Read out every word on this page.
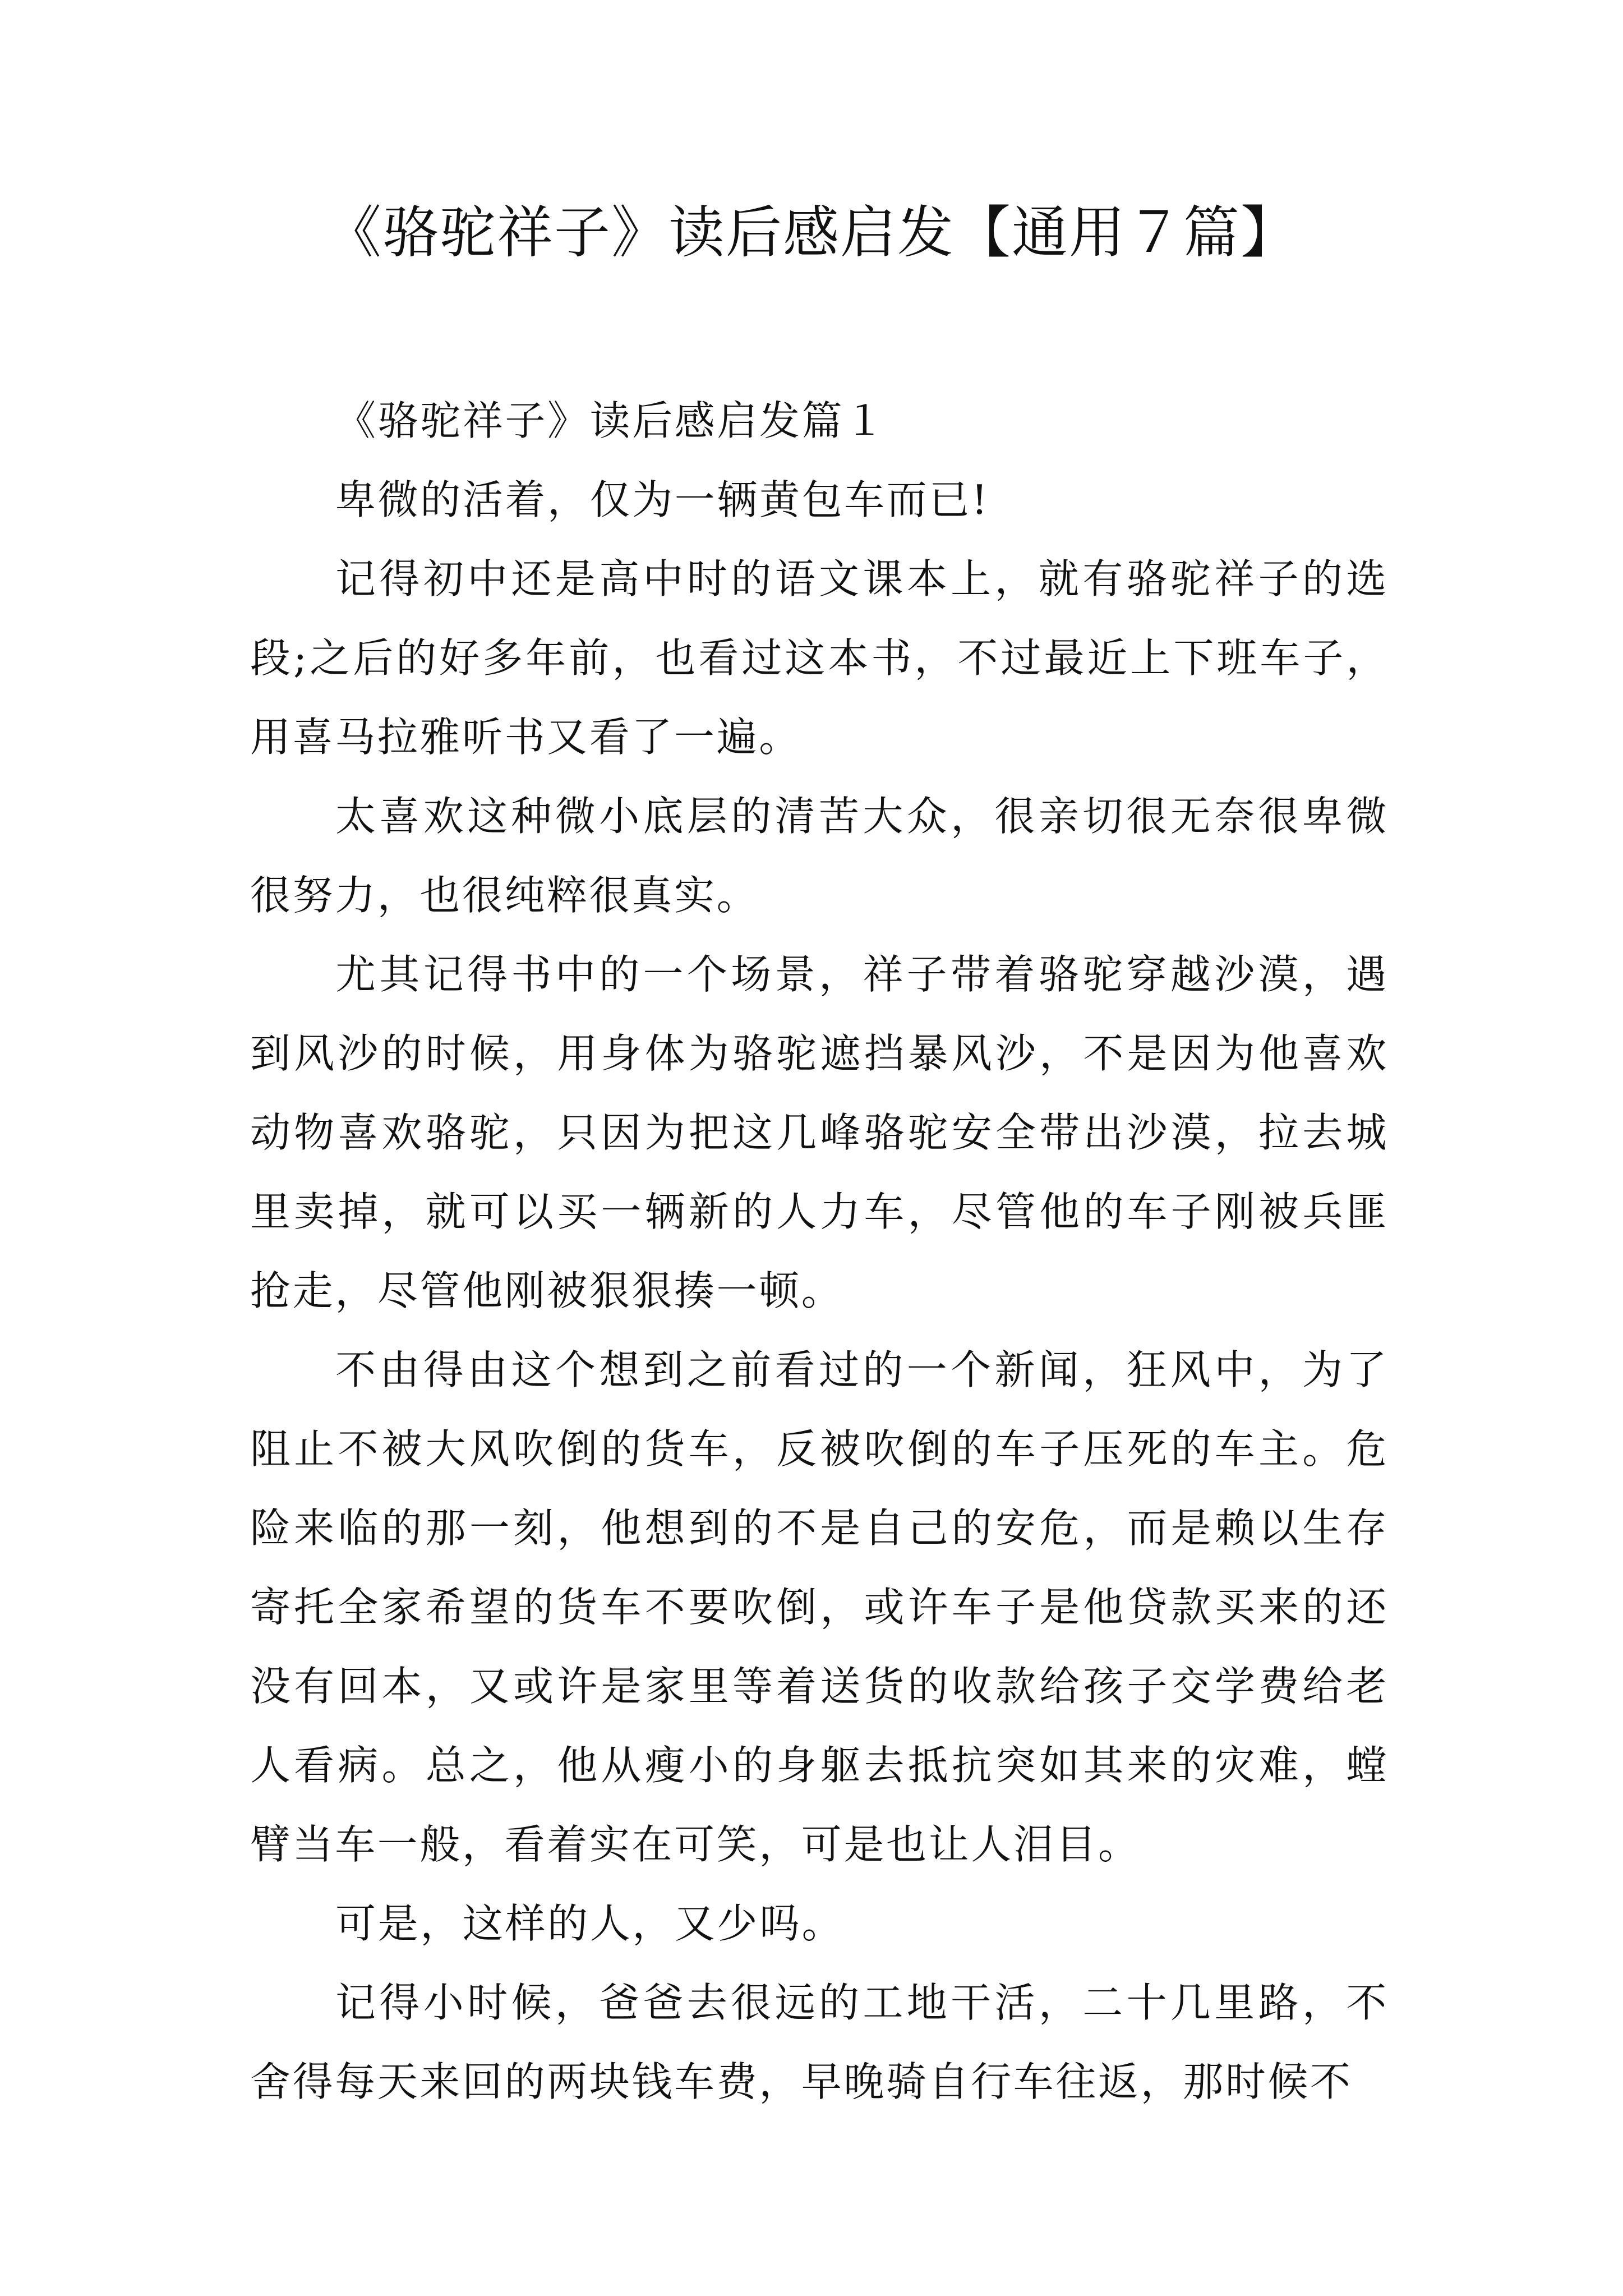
《骆驼祥子》读后感启发【通用７篇】

《骆驼祥子》读后感启发篇１

卑微的活着，仅为一辆黄包车而已!

记得初中还是高中时的语文课本上，就有骆驼祥子的选段;之后的好多年前，也看过这本书，不过最近上下班车子，用喜马拉雅听书又看了一遍。

太喜欢这种微小底层的清苦大众，很亲切很无奈很卑微很努力，也很纯粹很真实。

尤其记得书中的一个场景，祥子带着骆驼穿越沙漠，遇到风沙的时候，用身体为骆驼遮挡暴风沙，不是因为他喜欢动物喜欢骆驼，只因为把这几峰骆驼安全带出沙漠，拉去城里卖掉，就可以买一辆新的人力车，尽管他的车子刚被兵匪抢走，尽管他刚被狠狠揍一顿。

不由得由这个想到之前看过的一个新闻，狂风中，为了阻止不被大风吹倒的货车，反被吹倒的车子压死的车主。危险来临的那一刻，他想到的不是自己的安危，而是赖以生存寄托全家希望的货车不要吹倒，或许车子是他贷款买来的还没有回本，又或许是家里等着送货的收款给孩子交学费给老人看病。总之，他从瘦小的身躯去抵抗突如其来的灾难，螳臂当车一般，看着实在可笑，可是也让人泪目。

可是，这样的人，又少吗。

记得小时候，爸爸去很远的工地干活，二十几里路，不舍得每天来回的两块钱车费，早晚骑自行车往返，那时候不
